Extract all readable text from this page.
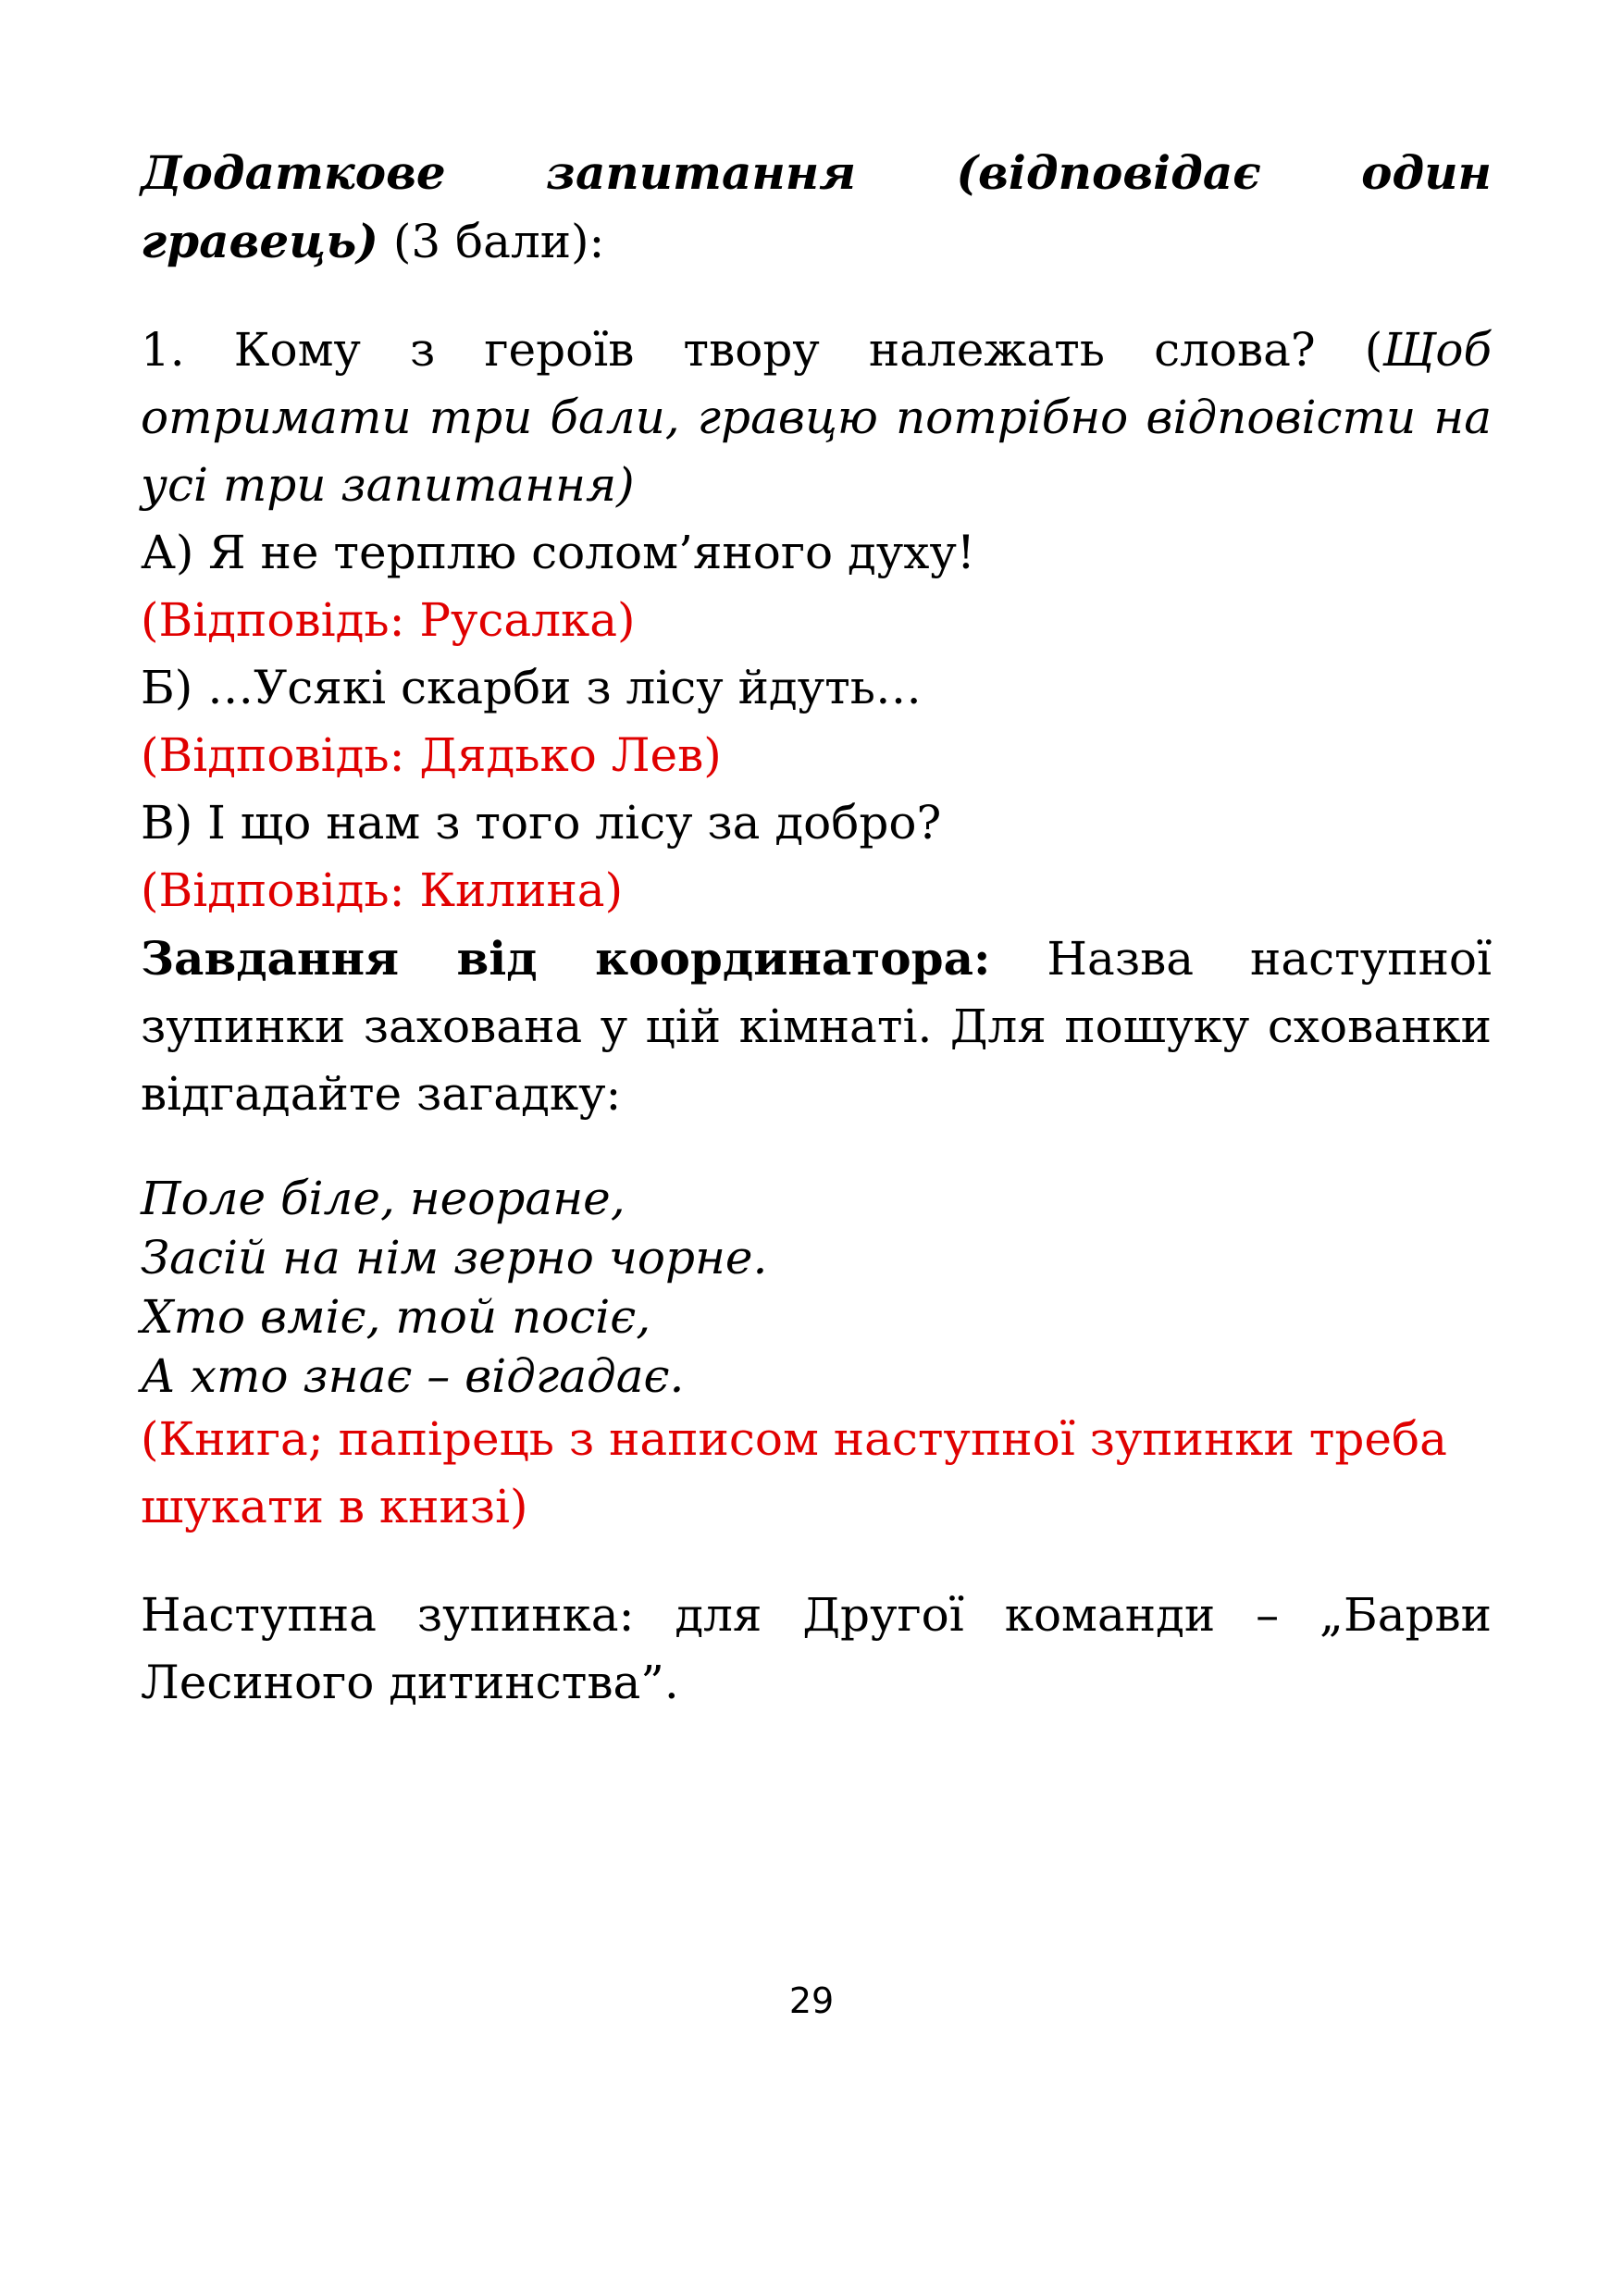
Додаткове запитання (відповідає один гравець) (3 бали):

1. Кому з героїв твору належать слова? (Щоб отримати три бали, гравцю потрібно відповісти на усі три запитання)

А) Я не терплю солом’яного духу!

(Відповідь: Русалка)

Б) …Усякі скарби з лісу йдуть…

(Відповідь: Дядько Лев)

В) І що нам з того лісу за добро?

(Відповідь: Килина)

Завдання від координатора: Назва наступної зупинки захована у цій кімнаті. Для пошуку схованки відгадайте загадку:

Поле біле, неоране,

Засій на нім зерно чорне.

Хто вміє, той посіє,

А хто знає – відгадає.

(Книга; папірець з написом наступної зупинки треба

шукати в книзі)

Наступна зупинка: для Другої команди – „Барви Лесиного дитинства”.

29
